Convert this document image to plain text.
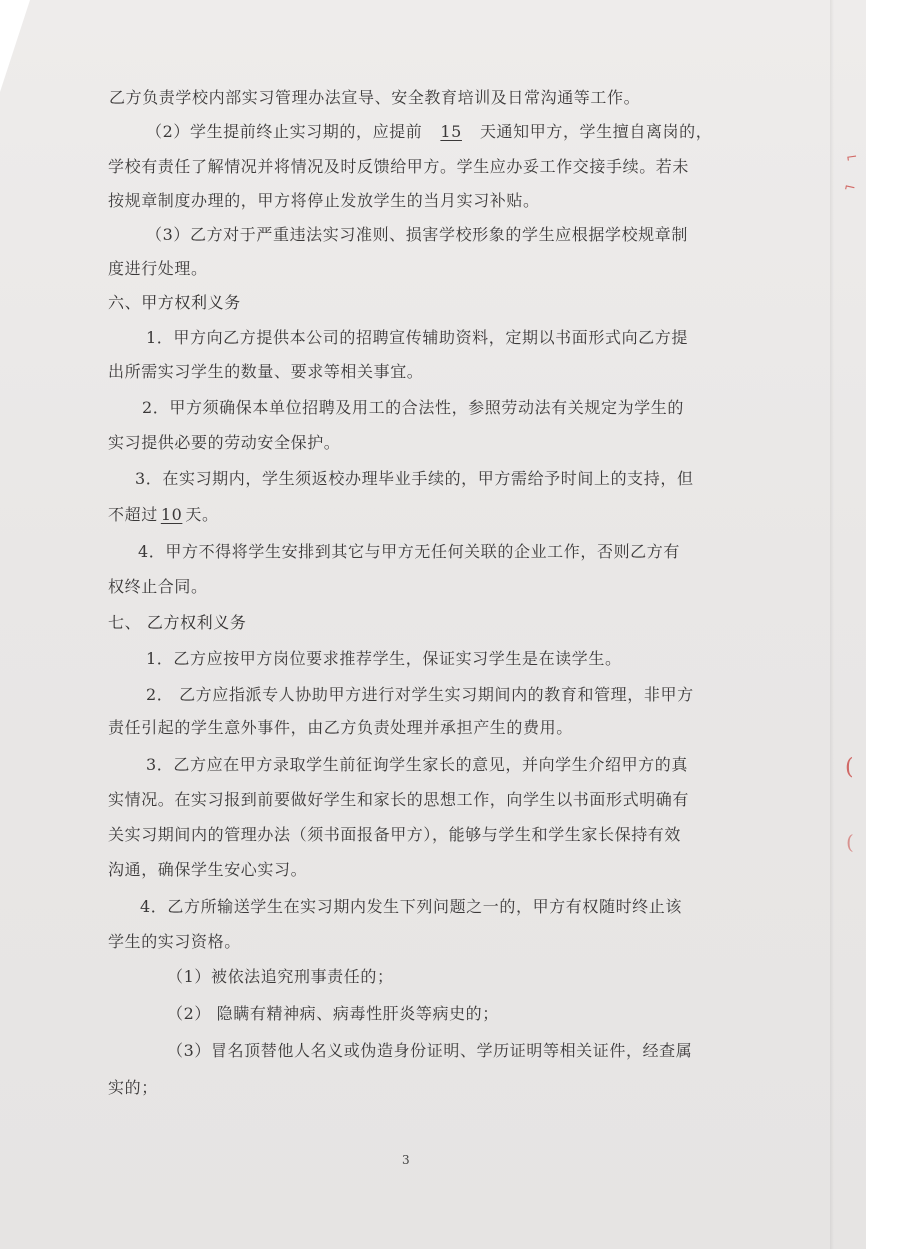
乙方负责学校内部实习管理办法宣导、安全教育培训及日常沟通等工作。
（2）学生提前终止实习期的，应提前 15 天通知甲方，学生擅自离岗的，
学校有责任了解情况并将情况及时反馈给甲方。学生应办妥工作交接手续。若未
按规章制度办理的，甲方将停止发放学生的当月实习补贴。
（3）乙方对于严重违法实习准则、损害学校形象的学生应根据学校规章制
度进行处理。
六、甲方权利义务
1．甲方向乙方提供本公司的招聘宣传辅助资料，定期以书面形式向乙方提
出所需实习学生的数量、要求等相关事宜。
2．甲方须确保本单位招聘及用工的合法性，参照劳动法有关规定为学生的
实习提供必要的劳动安全保护。
3．在实习期内，学生须返校办理毕业手续的，甲方需给予时间上的支持，但
不超过 10 天。
4．甲方不得将学生安排到其它与甲方无任何关联的企业工作，否则乙方有
权终止合同。
七、 乙方权利义务
1．乙方应按甲方岗位要求推荐学生，保证实习学生是在读学生。
2． 乙方应指派专人协助甲方进行对学生实习期间内的教育和管理，非甲方
责任引起的学生意外事件，由乙方负责处理并承担产生的费用。
3．乙方应在甲方录取学生前征询学生家长的意见，并向学生介绍甲方的真
实情况。在实习报到前要做好学生和家长的思想工作，向学生以书面形式明确有
关实习期间内的管理办法（须书面报备甲方），能够与学生和学生家长保持有效
沟通，确保学生安心实习。
4．乙方所输送学生在实习期内发生下列问题之一的，甲方有权随时终止该
学生的实习资格。
（1）被依法追究刑事责任的；
（2） 隐瞒有精神病、病毒性肝炎等病史的；
（3）冒名顶替他人名义或伪造身份证明、学历证明等相关证件，经查属
实的；
3
⌐
⌐
(
(
